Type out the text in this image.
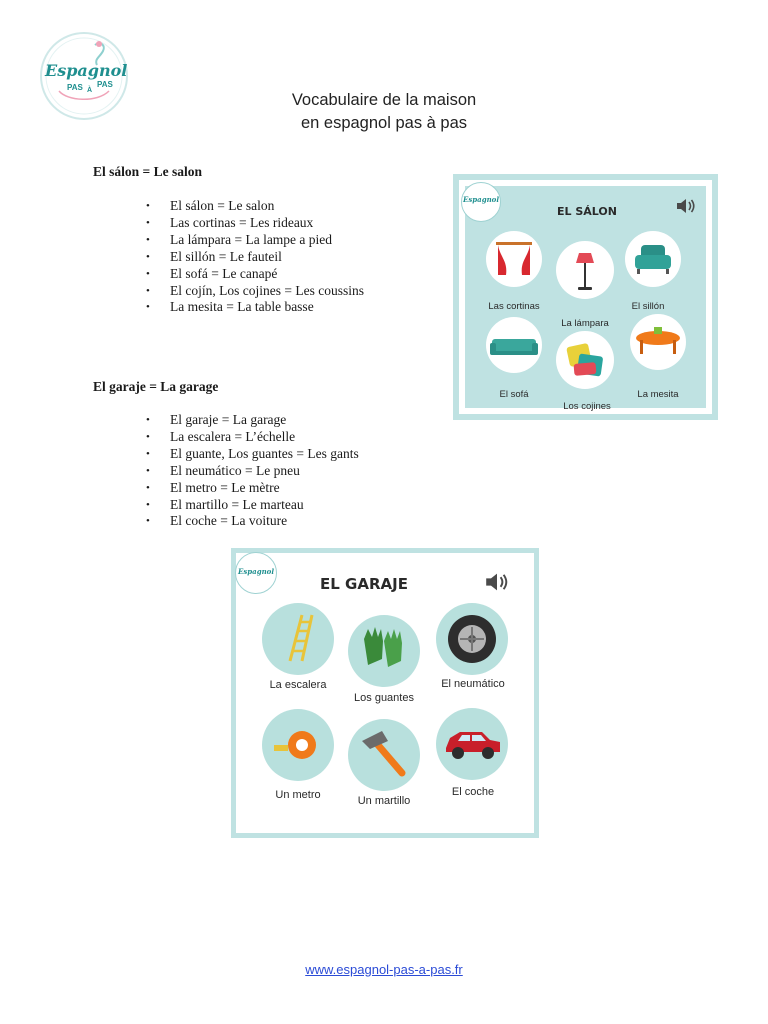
Espagnol
PAS À
PAS
Vocabulaire de la maison
en espagnol pas à pas
El sálon = Le salon
• El sálon = Le salon
• Las cortinas = Les rideaux
• La lámpara = La lampe a pied
• El sillón = Le fauteil
• El sofá = Le canapé
• El cojín, Los cojines = Les coussins
• La mesita = La table basse
Espagnol
EL SÁLON
Las cortinas
La lámpara
El sillón
El sofá
Los cojines
La mesita
El garaje = La garage
• El garaje = La garage
• La escalera = L’échelle
• El guante, Los guantes = Les gants
• El neumático = Le pneu
• El metro = Le mètre
• El martillo = Le marteau
• El coche = La voiture
Espagnol
EL GARAJE
La escalera
Los guantes
El neumático
Un metro	Un martillo
El coche
www.espagnol-pas-a-pas.fr
